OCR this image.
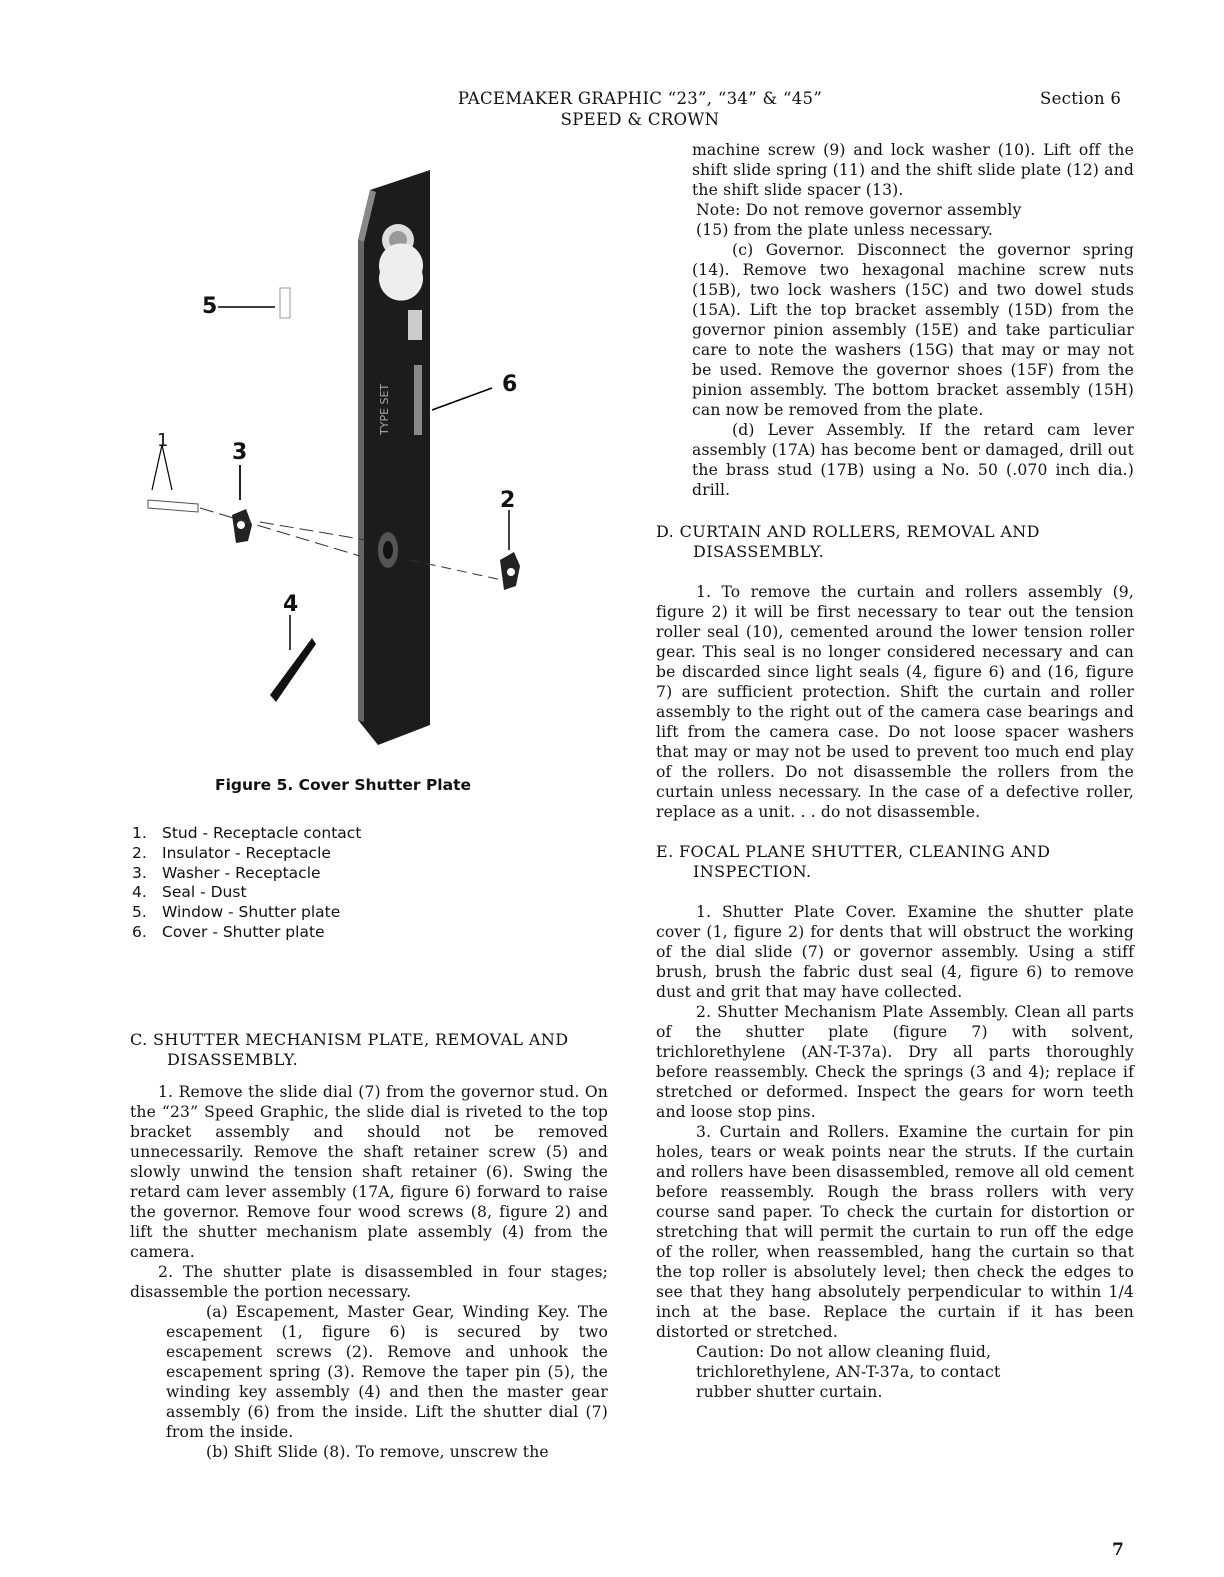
PACEMAKER GRAPHIC “23”, “34” & “45”
SPEED & CROWN
Section 6
TYPE SET
5
6
3
2
4
1
Figure 5. Cover Shutter Plate
1. Stud - Receptacle contact
2. Insulator - Receptacle
3. Washer - Receptacle
4. Seal - Dust
5. Window - Shutter plate
6. Cover - Shutter plate

C. SHUTTER MECHANISM PLATE, REMOVAL AND
DISASSEMBLY.

1. Remove the slide dial (7) from the governor stud. On the “23” Speed Graphic, the slide dial is riveted to the top bracket assembly and should not be removed unnecessarily. Remove the shaft retainer screw (5) and slowly unwind the tension shaft retainer (6). Swing the retard cam lever assembly (17A, figure 6) forward to raise the governor. Remove four wood screws (8, figure 2) and lift the shutter mechanism plate assembly (4) from the camera.

2. The shutter plate is disassembled in four stages; disassemble the portion necessary.

(a) Escapement, Master Gear, Winding Key. The escapement (1, figure 6) is secured by two escapement screws (2). Remove and unhook the escapement spring (3). Remove the taper pin (5), the winding key assembly (4) and then the master gear assembly (6) from the inside. Lift the shutter dial (7) from the inside.

(b) Shift Slide (8). To remove, unscrew the

machine screw (9) and lock washer (10). Lift off the shift slide spring (11) and the shift slide plate (12) and the shift slide spacer (13).

Note: Do not remove governor assembly (15) from the plate unless necessary.

(c) Governor. Disconnect the governor spring (14). Remove two hexagonal machine screw nuts (15B), two lock washers (15C) and two dowel studs (15A). Lift the top bracket assembly (15D) from the governor pinion assembly (15E) and take particuliar care to note the washers (15G) that may or may not be used. Remove the governor shoes (15F) from the pinion assembly. The bottom bracket assembly (15H) can now be removed from the plate.

(d) Lever Assembly. If the retard cam lever assembly (17A) has become bent or damaged, drill out the brass stud (17B) using a No. 50 (.070 inch dia.) drill.

D. CURTAIN AND ROLLERS, REMOVAL AND
DISASSEMBLY.

1. To remove the curtain and rollers assembly (9, figure 2) it will be first necessary to tear out the tension roller seal (10), cemented around the lower tension roller gear. This seal is no longer considered necessary and can be discarded since light seals (4, figure 6) and (16, figure 7) are sufficient protection. Shift the curtain and roller assembly to the right out of the camera case bearings and lift from the camera case. Do not loose spacer washers that may or may not be used to prevent too much end play of the rollers. Do not disassemble the rollers from the curtain unless necessary. In the case of a defective roller, replace as a unit. . . do not disassemble.

E. FOCAL PLANE SHUTTER, CLEANING AND
INSPECTION.

1. Shutter Plate Cover. Examine the shutter plate cover (1, figure 2) for dents that will obstruct the working of the dial slide (7) or governor assembly. Using a stiff brush, brush the fabric dust seal (4, figure 6) to remove dust and grit that may have collected.

2. Shutter Mechanism Plate Assembly. Clean all parts of the shutter plate (figure 7) with solvent, trichlorethylene (AN-T-37a). Dry all parts thoroughly before reassembly. Check the springs (3 and 4); replace if stretched or deformed. Inspect the gears for worn teeth and loose stop pins.

3. Curtain and Rollers. Examine the curtain for pin holes, tears or weak points near the struts. If the curtain and rollers have been disassembled, remove all old cement before reassembly. Rough the brass rollers with very course sand paper. To check the curtain for distortion or stretching that will permit the curtain to run off the edge of the roller, when reassembled, hang the curtain so that the top roller is absolutely level; then check the edges to see that they hang absolutely perpendicular to within 1/4 inch at the base. Replace the curtain if it has been distorted or stretched.

Caution: Do not allow cleaning fluid, trichlorethylene, AN-T-37a, to contact rubber shutter curtain.

7
